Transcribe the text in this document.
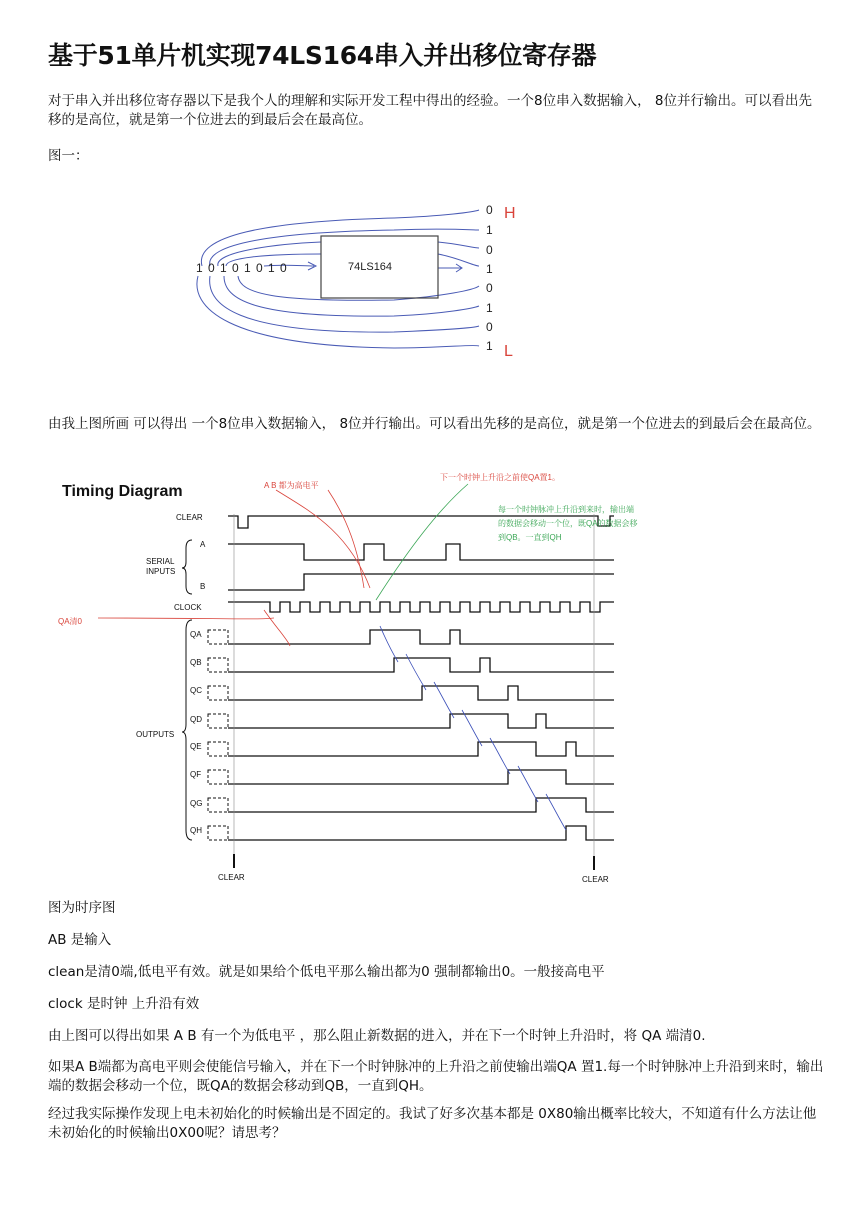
基于51单片机实现74LS164串入并出移位寄存器

对于串入并出移位寄存器以下是我个人的理解和实际开发工程中得出的经验。一个8位串入数据输入， 8位并行输出。可以看出先移的是高位，就是第一个位进去的到最后会在最高位。

图一：

74LS164
1 0 1 0 1 0 1 0
0
1
0
1
0
1
0
1
H
L

由我上图所画 可以得出 一个8位串入数据输入， 8位并行输出。可以看出先移的是高位，就是第一个位进去的到最后会在最高位。

Timing Diagram
CLEAR
A
SERIAL
INPUTS
B
CLOCK
OUTPUTS
QA
QB
QC
QD
QE
QF
QG
QH
CLEAR	CLEAR
A B 都为高电平
下一个时钟上升沿之前使QA置1。
每一个时钟脉冲上升沿到来时，输出端
的数据会移动一个位，既QA的数据会移
到QB。一直到QH
QA清0

图为时序图

AB 是输入

clean是清0端,低电平有效。就是如果给个低电平那么输出都为0 强制都输出0。一般接高电平

clock 是时钟 上升沿有效

由上图可以得出如果 A B 有一个为低电平 ，那么阻止新数据的进入，并在下一个时钟上升沿时，将 QA 端清0.

如果A B端都为高电平则会使能信号输入，并在下一个时钟脉冲的上升沿之前使输出端QA 置1.每一个时钟脉冲上升沿到来时，输出端的数据会移动一个位，既QA的数据会移动到QB，一直到QH。

经过我实际操作发现上电未初始化的时候输出是不固定的。我试了好多次基本都是 0X80输出概率比较大，不知道有什么方法让他未初始化的时候输出0X00呢？请思考？
